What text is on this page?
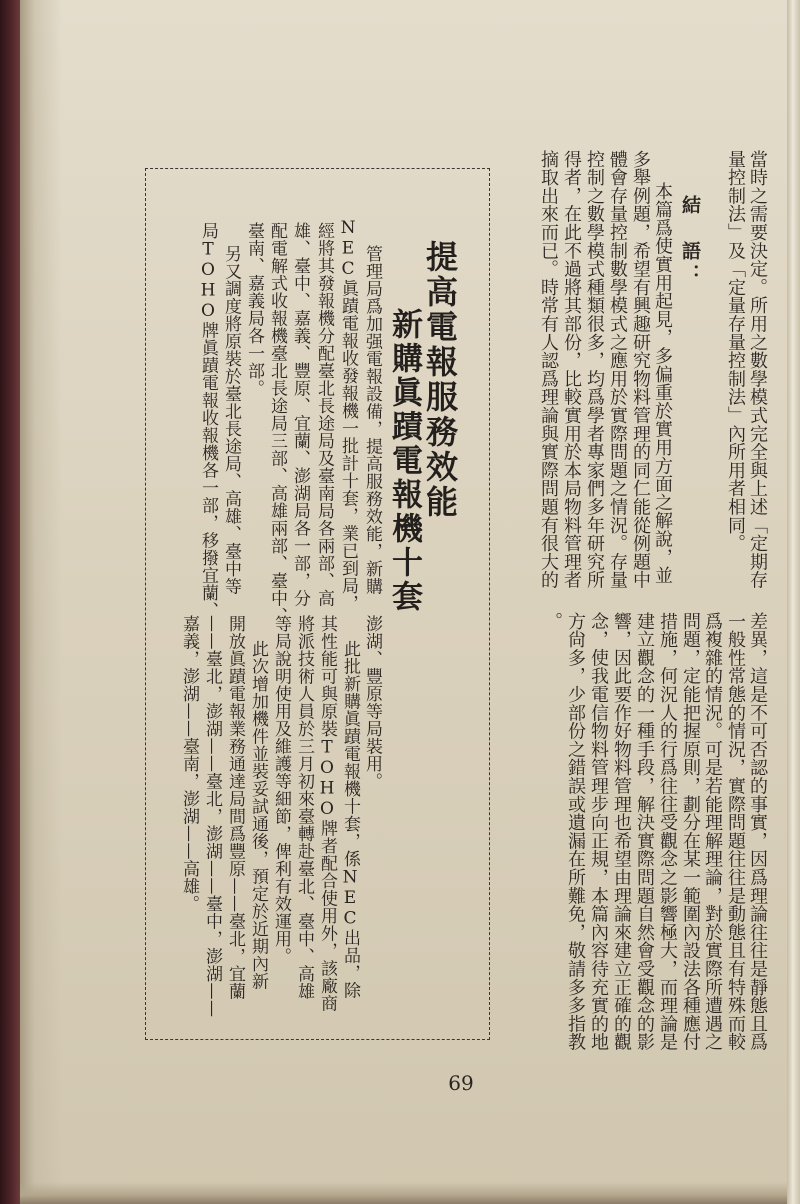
當時之需要決定。所用之數學模式完全與上述「定期存
量控制法」及「定量存量控制法」內所用者相同。
結　語：
本篇爲使實用起見，多偏重於實用方面之解說，並
多舉例題，希望有興趣研究物料管理的同仁能從例題中
體會存量控制數學模式之應用於實際問題之情況。存量
控制之數學模式種類很多，均爲學者專家們多年研究所
得者，在此不過將其部份，比較實用於本局物料管理者
摘取出來而已。時常有人認爲理論與實際問題有很大的
差異，這是不可否認的事實，因爲理論往往是靜態且爲
一般性常態的情況，實際問題往往是動態且有特殊而較
爲複雜的情況。可是若能理解理論，對於實際所遭遇之
問題，定能把握原則，劃分在某一範圍內設法各種應付
措施，何況人的行爲往往受觀念之影響極大，而理論是
建立觀念的一種手段，解決實際問題自然會受觀念的影
響，因此要作好物料管理也希望由理論來建立正確的觀
念，使我電信物料管理步向正規，本篇內容待充實的地
方尙多，少部份之錯誤或遺漏在所難免，敬請多多指教
。
提高電報服務效能
新購眞蹟電報機十套
管理局爲加强電報設備，提高服務效能，新購
NEC眞蹟電報收發報機一批計十套，業已到局，
經將其發報機分配臺北長途局及臺南局各兩部、高
雄、臺中、嘉義、豐原、宜蘭、澎湖局各一部，分
配電解式收報機臺北長途局三部、高雄兩部、臺中、
臺南、嘉義局各一部。
另又調度將原裝於臺北長途局、高雄、臺中等
局TOHO牌眞蹟電報收報機各一部，移撥宜蘭、
澎湖、豐原等局裝用。
此批新購眞蹟電報機十套，係NEC出品，除
其性能可與原裝TOHO牌者配合使用外，該廠商
將派技術人員於三月初來臺轉赴臺北、臺中、高雄
等局說明使用及維護等細節，俾利有效運用。
此次增加機件並裝妥試通後，預定於近期內新
開放眞蹟電報業務通達局間爲豐原——臺北，宜蘭
——臺北，澎湖——臺北，澎湖——臺中，澎湖——
嘉義，澎湖——臺南，澎湖——高雄。
69
